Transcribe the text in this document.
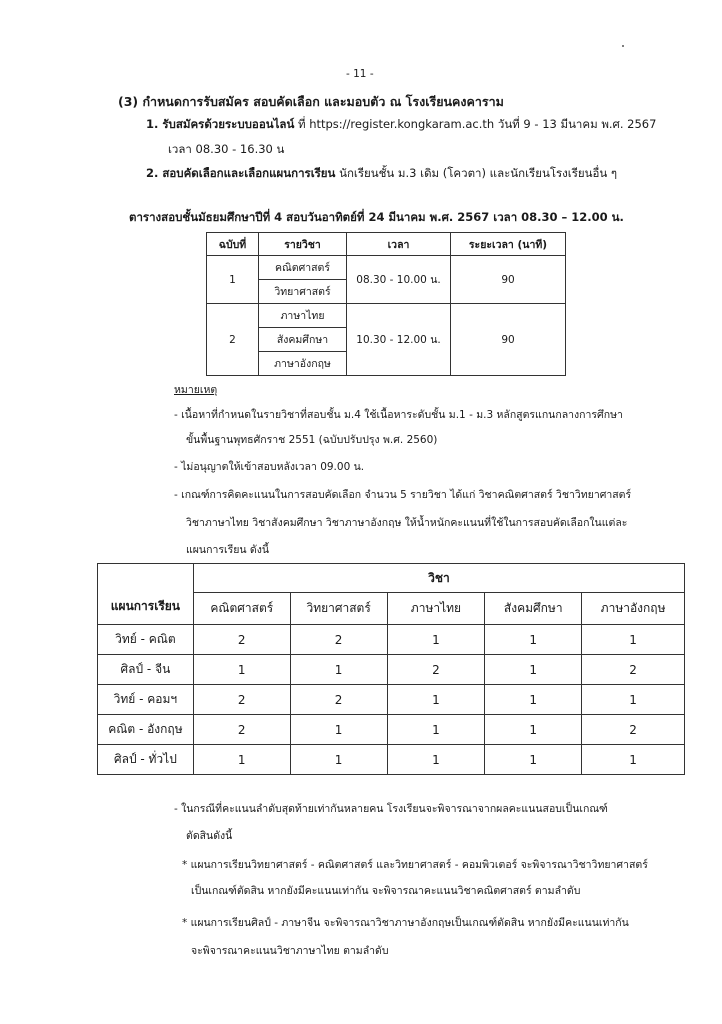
- 11 -
(3) กำหนดการรับสมัคร สอบคัดเลือก และมอบตัว ณ โรงเรียนคงคาราม
1. รับสมัครด้วยระบบออนไลน์ ที่ https://register.kongkaram.ac.th วันที่ 9 - 13 มีนาคม พ.ศ. 2567
เวลา 08.30 - 16.30 น
2. สอบคัดเลือกและเลือกแผนการเรียน นักเรียนชั้น ม.3 เดิม (โควตา) และนักเรียนโรงเรียนอื่น ๆ
ตารางสอบชั้นมัธยมศึกษาปีที่ 4 สอบวันอาทิตย์ที่ 24 มีนาคม พ.ศ. 2567 เวลา 08.30 – 12.00 น.
ฉบับที่	รายวิชา	เวลา	ระยะเวลา (นาที)
1	คณิตศาสตร์	08.30 - 10.00 น.	90
	วิทยาศาสตร์		
2	ภาษาไทย	10.30 - 12.00 น.	90
	สังคมศึกษา		
	ภาษาอังกฤษ		
หมายเหตุ
- เนื้อหาที่กำหนดในรายวิชาที่สอบชั้น ม.4 ใช้เนื้อหาระดับชั้น ม.1 - ม.3 หลักสูตรแกนกลางการศึกษา
ขั้นพื้นฐานพุทธศักราช 2551 (ฉบับปรับปรุง พ.ศ. 2560)
- ไม่อนุญาตให้เข้าสอบหลังเวลา 09.00 น.
- เกณฑ์การคิดคะแนนในการสอบคัดเลือก จำนวน 5 รายวิชา ได้แก่ วิชาคณิตศาสตร์ วิชาวิทยาศาสตร์
วิชาภาษาไทย วิชาสังคมศึกษา วิชาภาษาอังกฤษ ให้น้ำหนักคะแนนที่ใช้ในการสอบคัดเลือกในแต่ละ
แผนการเรียน ดังนี้
แผนการเรียน	วิชา				
	คณิตศาสตร์	วิทยาศาสตร์	ภาษาไทย	สังคมศึกษา	ภาษาอังกฤษ
วิทย์ - คณิต	2	2	1	1	1
ศิลป์ - จีน	1	1	2	1	2
วิทย์ - คอมฯ	2	2	1	1	1
คณิต - อังกฤษ	2	1	1	1	2
ศิลป์ - ทั่วไป	1	1	1	1	1
- ในกรณีที่คะแนนลำดับสุดท้ายเท่ากันหลายคน โรงเรียนจะพิจารณาจากผลคะแนนสอบเป็นเกณฑ์
ตัดสินดังนี้
* แผนการเรียนวิทยาศาสตร์ - คณิตศาสตร์ และวิทยาศาสตร์ - คอมพิวเตอร์ จะพิจารณาวิชาวิทยาศาสตร์
เป็นเกณฑ์ตัดสิน หากยังมีคะแนนเท่ากัน จะพิจารณาคะแนนวิชาคณิตศาสตร์ ตามลำดับ
* แผนการเรียนศิลป์ - ภาษาจีน จะพิจารณาวิชาภาษาอังกฤษเป็นเกณฑ์ตัดสิน หากยังมีคะแนนเท่ากัน
จะพิจารณาคะแนนวิชาภาษาไทย ตามลำดับ
